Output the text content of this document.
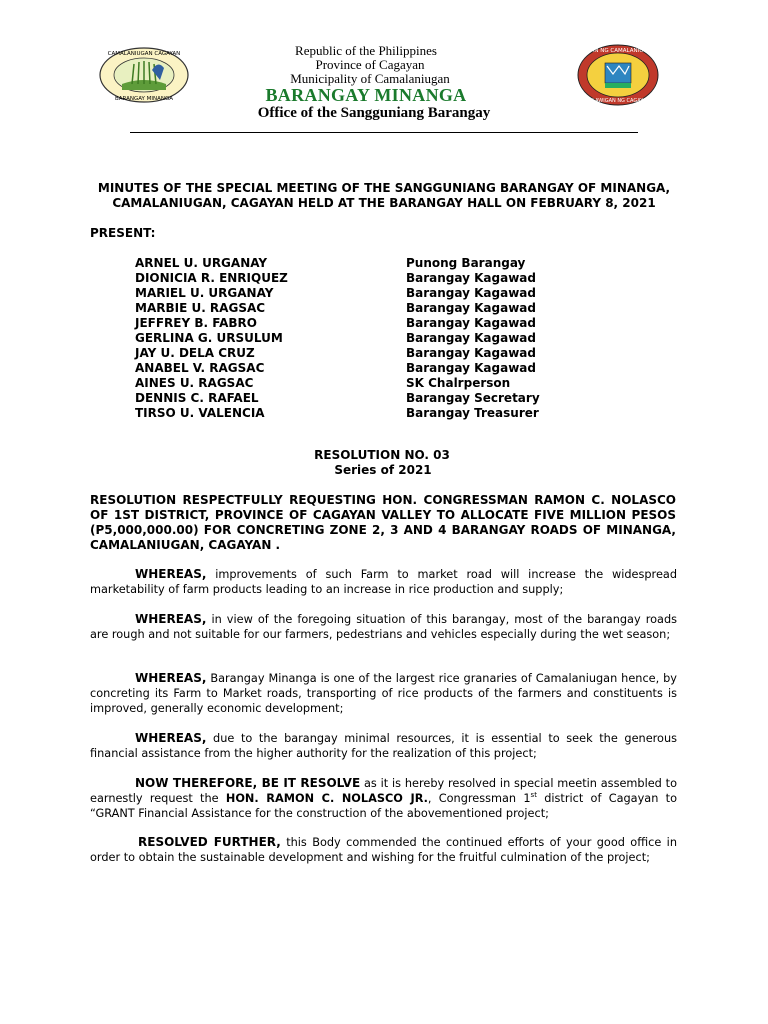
CAMALANIUGAN CAGAYAN
BARANGAY MINANGA
BAYAN NG CAMALANIUGAN
LALAWIGAN NG CAGAYAN
Republic of the Philippines
Province of Cagayan
Municipality of Camalaniugan
BARANGAY MINANGA
Office of the Sangguniang Barangay
MINUTES OF THE SPECIAL MEETING OF THE SANGGUNIANG BARANGAY OF MINANGA, CAMALANIUGAN, CAGAYAN HELD AT THE BARANGAY HALL ON FEBRUARY 8, 2021
PRESENT:
ARNEL U. URGANAY	Punong Barangay
DIONICIA R. ENRIQUEZ	Barangay Kagawad
MARIEL U. URGANAY	Barangay Kagawad
MARBIE U. RAGSAC	Barangay Kagawad
JEFFREY B. FABRO	Barangay Kagawad
GERLINA G. URSULUM	Barangay Kagawad
JAY U. DELA CRUZ	Barangay Kagawad
ANABEL V. RAGSAC	Barangay Kagawad
AINES U. RAGSAC	SK Chalrperson
DENNIS C. RAFAEL	Barangay Secretary
TIRSO U. VALENCIA	Barangay Treasurer
RESOLUTION NO. 03
Series of 2021
RESOLUTION RESPECTFULLY REQUESTING HON. CONGRESSMAN RAMON C. NOLASCO OF 1ST DISTRICT, PROVINCE OF CAGAYAN VALLEY TO ALLOCATE FIVE MILLION PESOS (P5,000,000.00) FOR CONCRETING ZONE 2, 3 AND 4 BARANGAY ROADS OF MINANGA, CAMALANIUGAN, CAGAYAN .
WHEREAS, improvements of such Farm to market road will increase the widespread marketability of farm products leading to an increase in rice production and supply;
WHEREAS, in view of the foregoing situation of this barangay, most of the barangay roads are rough and not suitable for our farmers, pedestrians and vehicles especially during the wet season;
WHEREAS, Barangay Minanga is one of the largest rice granaries of Camalaniugan hence, by concreting its Farm to Market roads, transporting of rice products of the farmers and constituents is improved, generally economic development;
WHEREAS, due to the barangay minimal resources, it is essential to seek the generous financial assistance from the higher authority for the realization of this project;
NOW THEREFORE, BE IT RESOLVE as it is hereby resolved in special meetin assembled to earnestly request the HON. RAMON C. NOLASCO JR., Congressman 1st district of Cagayan to “GRANT Financial Assistance for the construction of the abovementioned project;
RESOLVED FURTHER, this Body commended the continued efforts of your good office in order to obtain the sustainable development and wishing for the fruitful culmination of the project;
